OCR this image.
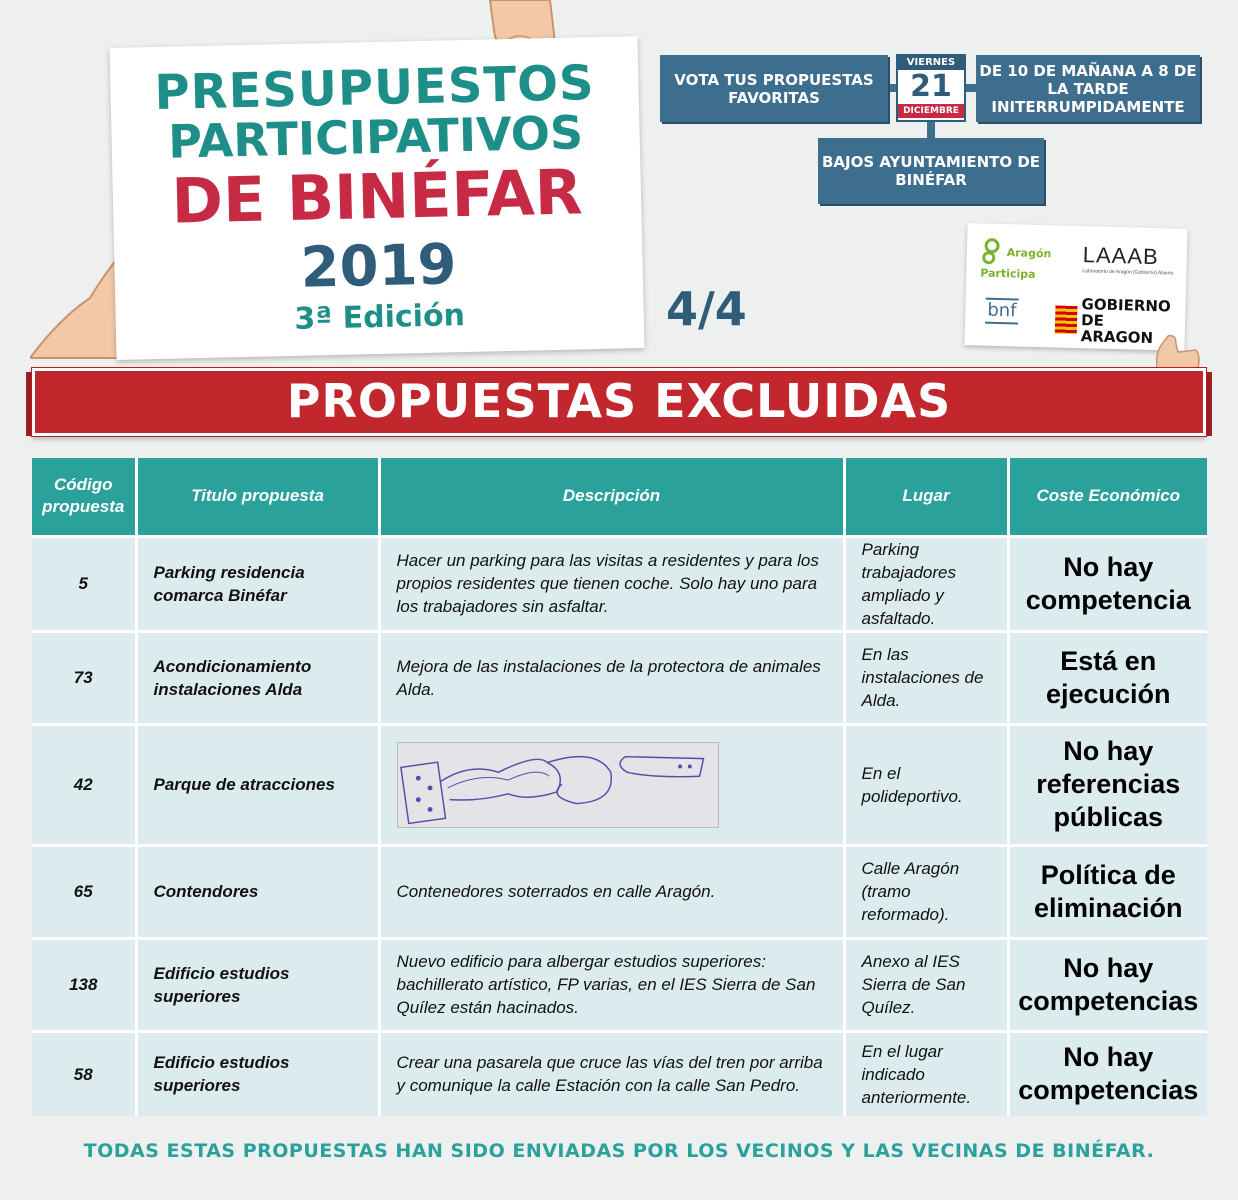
PRESUPUESTOS
PARTICIPATIVOS
DE BINÉFAR
2019
3ª Edición
VOTA TUS PROPUESTAS FAVORITAS
VIERNES
21
DICIEMBRE
DE 10 DE MAÑANA A 8 DE LA TARDE INITERRUMPIDAMENTE
BAJOS AYUNTAMIENTO DE BINÉFAR
4/4
Aragón Participa
LAAAB
Laboratorio de Aragón [Gobierno] Abierto
bnf	GOBIERNO DE ARAGON
PROPUESTAS EXCLUIDAS
Código propuesta	Titulo propuesta	Descripción	Lugar	Coste Económico
5	Parking residencia comarca Binéfar	Hacer un parking para las visitas a residentes y para los propios residentes que tienen coche. Solo hay uno para los trabajadores sin asfaltar.	Parking trabajadores ampliado y asfaltado.	No hay competencia
73	Acondicionamiento instalaciones Alda	Mejora de las instalaciones de la protectora de animales Alda.	En las instalaciones de Alda.	Está en ejecución
42	Parque de atracciones		En el polideportivo.	No hay referencias públicas
65	Contendores	Contenedores soterrados en calle Aragón.	Calle Aragón (tramo reformado).	Política de eliminación
138	Edificio estudios superiores	Nuevo edificio para albergar estudios superiores: bachillerato artístico, FP varias, en el IES Sierra de San Quílez están hacinados.	Anexo al IES Sierra de San Quílez.	No hay competencias
58	Edificio estudios superiores	Crear una pasarela que cruce las vías del tren por arriba y comunique la calle Estación con la calle San Pedro.	En el lugar indicado anteriormente.	No hay competencias
TODAS ESTAS PROPUESTAS HAN SIDO ENVIADAS POR LOS VECINOS Y LAS VECINAS DE BINÉFAR.
